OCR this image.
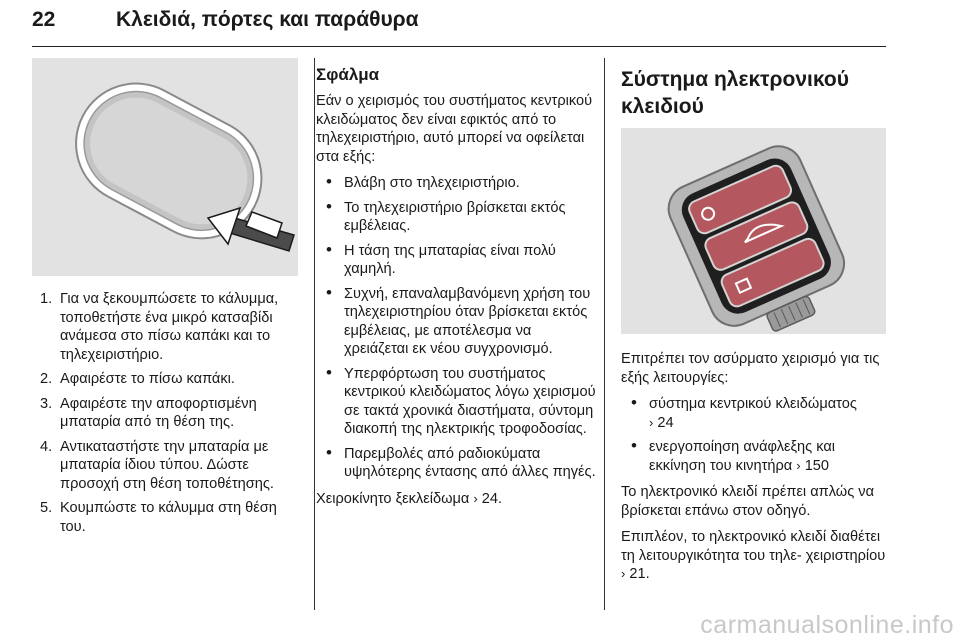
22	Κλειδιά, πόρτες και παράθυρα
1. Για να ξεκουμπώσετε το κάλυμμα, τοποθετήστε ένα μικρό κατσαβίδι ανάμεσα στο πίσω καπάκι και το τηλεχειριστήριο.
2. Αφαιρέστε το πίσω καπάκι.
3. Αφαιρέστε την αποφορτισμένη μπαταρία από τη θέση της.
4. Αντικαταστήστε την μπαταρία με μπαταρία ίδιου τύπου. Δώστε προσοχή στη θέση τοποθέτησης.
5. Κουμπώστε το κάλυμμα στη θέση του.
Σφάλμα

Εάν ο χειρισμός του συστήματος κεντρικού κλειδώματος δεν είναι εφικτός από το τηλεχειριστήριο, αυτό μπορεί να οφείλεται στα εξής:

• Βλάβη στο τηλεχειριστήριο.
• Το τηλεχειριστήριο βρίσκεται εκτός εμβέλειας.
• Η τάση της μπαταρίας είναι πολύ χαμηλή.
• Συχνή, επαναλαμβανόμενη χρήση του τηλεχειριστηρίου όταν βρίσκεται εκτός εμβέλειας, με αποτέλεσμα να χρειάζεται εκ νέου συγχρονισμό.
• Υπερφόρτωση του συστήματος κεντρικού κλειδώματος λόγω χειρισμού σε τακτά χρονικά διαστήματα, σύντομη διακοπή της ηλεκτρικής τροφοδοσίας.
• Παρεμβολές από ραδιοκύματα υψηλότερης έντασης από άλλες πηγές.

Χειροκίνητο ξεκλείδωμα › 24.

Σύστημα ηλεκτρονικού κλειδιού

Επιτρέπει τον ασύρματο χειρισμό για τις εξής λειτουργίες:

• σύστημα κεντρικού κλειδώματος
› 24
• ενεργοποίηση ανάφλεξης και εκκίνηση του κινητήρα › 150

Το ηλεκτρονικό κλειδί πρέπει απλώς να βρίσκεται επάνω στον οδηγό.

Επιπλέον, το ηλεκτρονικό κλειδί διαθέτει τη λειτουργικότητα του τηλε- χειριστηρίου › 21.

carmanualsonline.info
